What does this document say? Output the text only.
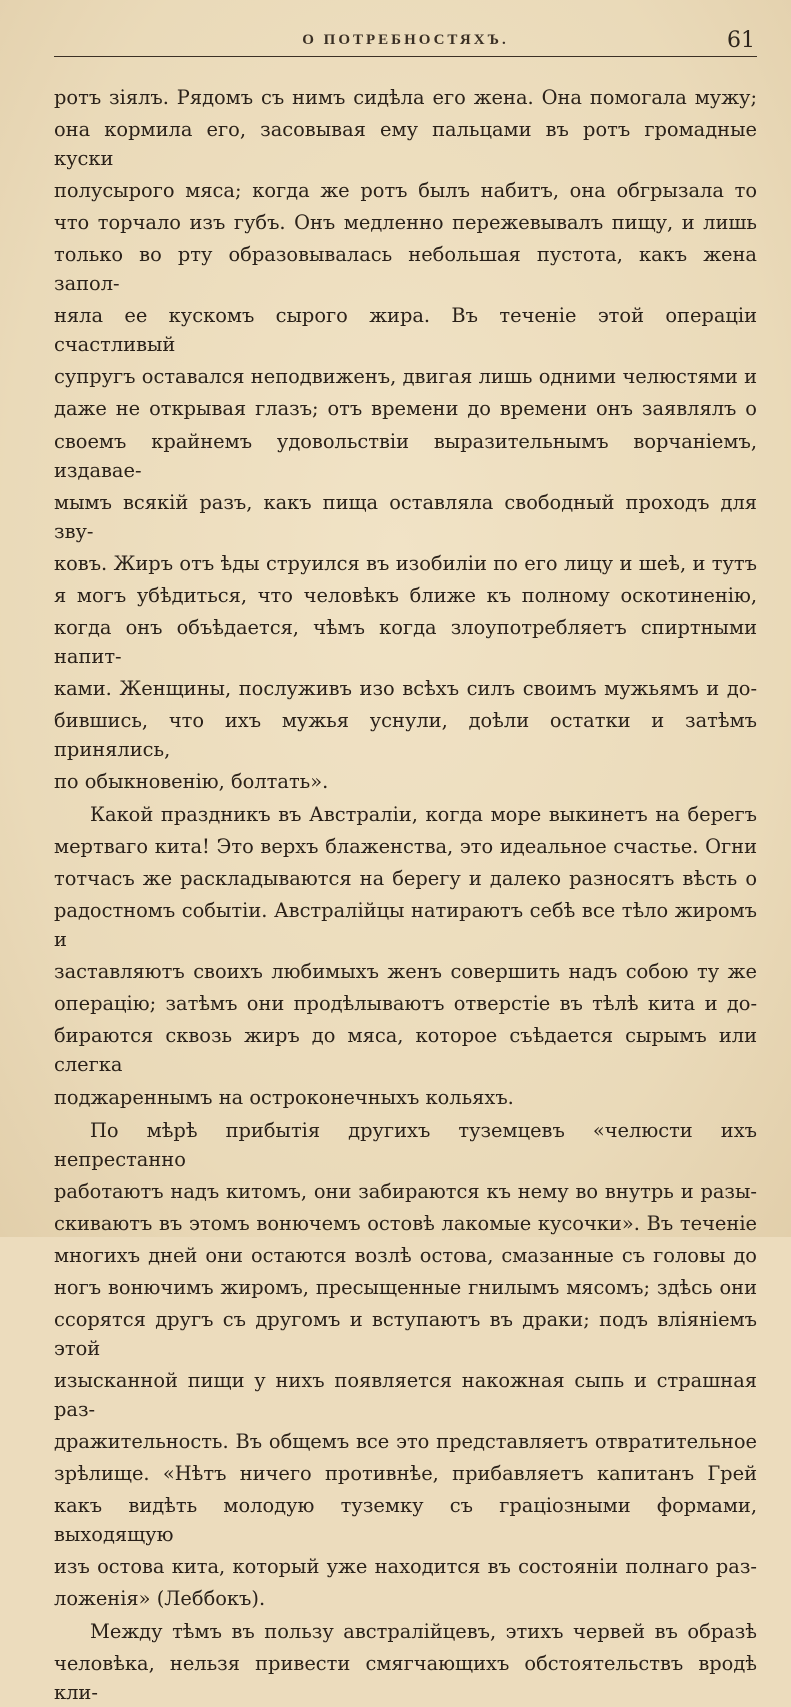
О ПОТРЕБНОСТЯХЪ.	61

ротъ зіялъ. Рядомъ съ нимъ сидѣла его жена. Она помогала мужу;

она кормила его, засовывая ему пальцами въ ротъ громадные куски

полусырого мяса; когда же ротъ былъ набитъ, она обгрызала то

что торчало изъ губъ. Онъ медленно пережевывалъ пищу, и лишь

только во рту образовывалась небольшая пустота, какъ жена запол-

няла ее кускомъ сырого жира. Въ теченіе этой операціи счастливый

супругъ оставался неподвиженъ, двигая лишь одними челюстями и

даже не открывая глазъ; отъ времени до времени онъ заявлялъ о

своемъ крайнемъ удовольствіи выразительнымъ ворчаніемъ, издавае-

мымъ всякій разъ, какъ пища оставляла свободный проходъ для зву-

ковъ. Жиръ отъ ѣды струился въ изобиліи по его лицу и шеѣ, и тутъ

я могъ убѣдиться, что человѣкъ ближе къ полному оскотиненію,

когда онъ объѣдается, чѣмъ когда злоупотребляетъ спиртными напит-

ками. Женщины, послуживъ изо всѣхъ силъ своимъ мужьямъ и до-

бившись, что ихъ мужья уснули, доѣли остатки и затѣмъ принялись,

по обыкновенію, болтать».

Какой праздникъ въ Австраліи, когда море выкинетъ на берегъ

мертваго кита! Это верхъ блаженства, это идеальное счастье. Огни

тотчасъ же раскладываются на берегу и далеко разносятъ вѣсть о

радостномъ событіи. Австралійцы натираютъ себѣ все тѣло жиромъ и

заставляютъ своихъ любимыхъ женъ совершить надъ собою ту же

операцію; затѣмъ они продѣлываютъ отверстіе въ тѣлѣ кита и до-

бираются сквозь жиръ до мяса, которое съѣдается сырымъ или слегка

поджареннымъ на остроконечныхъ кольяхъ.

По мѣрѣ прибытія другихъ туземцевъ «челюсти ихъ непрестанно

работаютъ надъ китомъ, они забираются къ нему во внутрь и разы-

скиваютъ въ этомъ вонючемъ остовѣ лакомые кусочки». Въ теченіе

многихъ дней они остаются возлѣ остова, смазанные съ головы до

ногъ вонючимъ жиромъ, пресыщенные гнилымъ мясомъ; здѣсь они

ссорятся другъ съ другомъ и вступаютъ въ драки; подъ вліяніемъ этой

изысканной пищи у нихъ появляется накожная сыпь и страшная раз-

дражительность. Въ общемъ все это представляетъ отвратительное

зрѣлище. «Нѣтъ ничего противнѣе, прибавляетъ капитанъ Грей

какъ видѣть молодую туземку съ граціозными формами, выходящую

изъ остова кита, который уже находится въ состояніи полнаго раз-

ложенія» (Леббокъ).

Между тѣмъ въ пользу австралійцевъ, этихъ червей въ образѣ

человѣка, нельзя привести смягчающихъ обстоятельствъ вродѣ кли-
